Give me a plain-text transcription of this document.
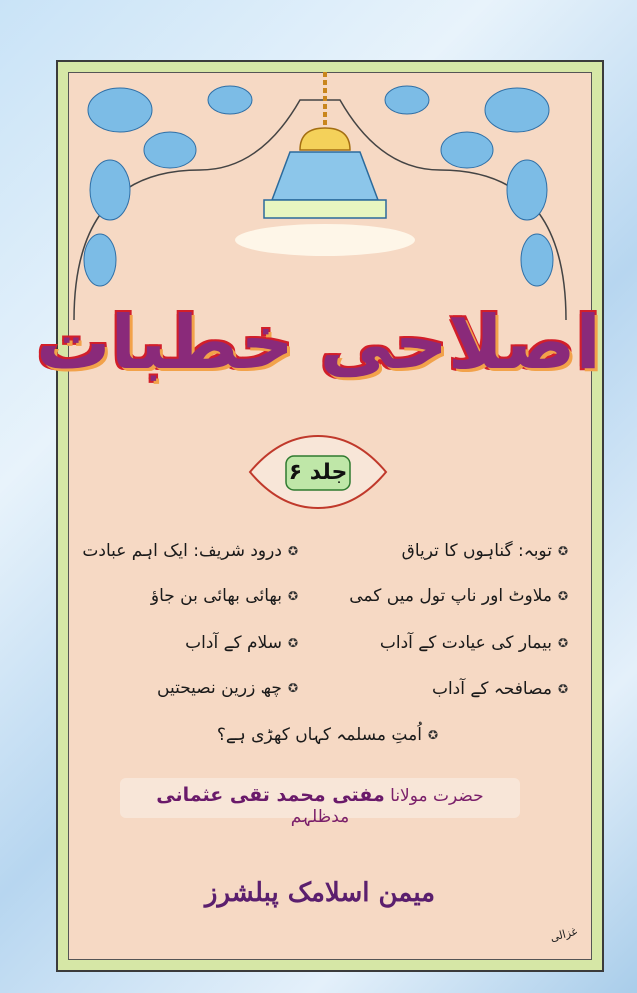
اصلاحی خطبات
جلد ۶
✪
توبہ: گناہوں کا تریاق
✪
درود شریف: ایک اہم عبادت
✪
ملاوٹ اور ناپ تول میں کمی
✪
بھائی بھائی بن جاؤ
✪
بیمار کی عیادت کے آداب
✪
سلام کے آداب
✪
مصافحہ کے آداب
✪
چھ زرین نصیحتیں
✪
اُمتِ مسلمہ کہاں کھڑی ہے؟
حضرت مولانا مفتی محمد تقی عثمانی مدظلہم
میمن اسلامک پبلشرز
غزالی
